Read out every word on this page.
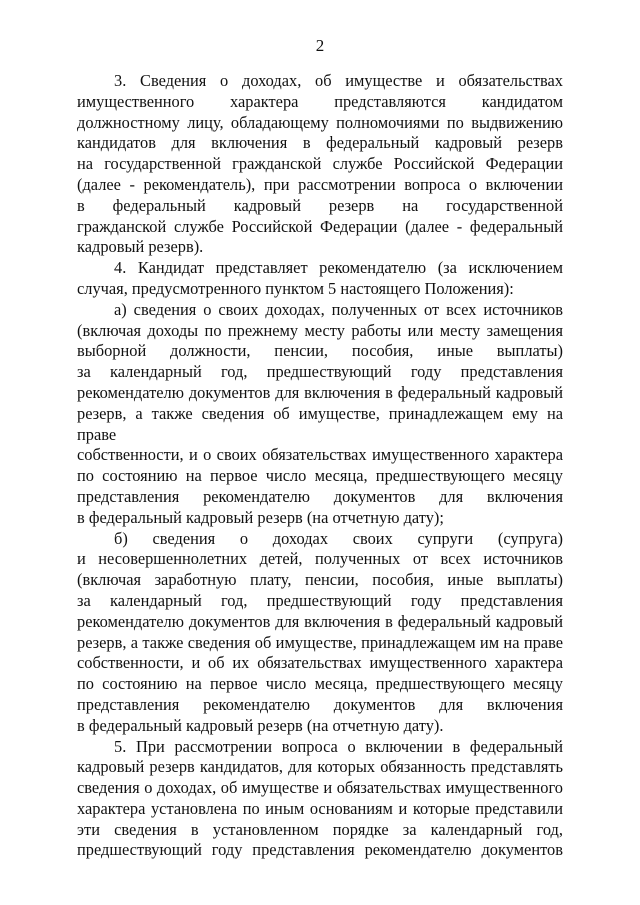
2
3. Сведения о доходах, об имуществе и обязательствах
имущественного характера представляются кандидатом
должностному лицу, обладающему полномочиями по выдвижению
кандидатов для включения в федеральный кадровый резерв
на государственной гражданской службе Российской Федерации
(далее - рекомендатель), при рассмотрении вопроса о включении
в федеральный кадровый резерв на государственной
гражданской службе Российской Федерации (далее - федеральный
кадровый резерв).
4. Кандидат представляет рекомендателю (за исключением
случая, предусмотренного пунктом 5 настоящего Положения):
а) сведения о своих доходах, полученных от всех источников
(включая доходы по прежнему месту работы или месту замещения
выборной должности, пенсии, пособия, иные выплаты)
за календарный год, предшествующий году представления
рекомендателю документов для включения в федеральный кадровый
резерв, а также сведения об имуществе, принадлежащем ему на праве
собственности, и о своих обязательствах имущественного характера
по состоянию на первое число месяца, предшествующего месяцу
представления рекомендателю документов для включения
в федеральный кадровый резерв (на отчетную дату);
б) сведения о доходах своих супруги (супруга)
и несовершеннолетних детей, полученных от всех источников
(включая заработную плату, пенсии, пособия, иные выплаты)
за календарный год, предшествующий году представления
рекомендателю документов для включения в федеральный кадровый
резерв, а также сведения об имуществе, принадлежащем им на праве
собственности, и об их обязательствах имущественного характера
по состоянию на первое число месяца, предшествующего месяцу
представления рекомендателю документов для включения
в федеральный кадровый резерв (на отчетную дату).
5. При рассмотрении вопроса о включении в федеральный
кадровый резерв кандидатов, для которых обязанность представлять
сведения о доходах, об имуществе и обязательствах имущественного
характера установлена по иным основаниям и которые представили
эти сведения в установленном порядке за календарный год,
предшествующий году представления рекомендателю документов
